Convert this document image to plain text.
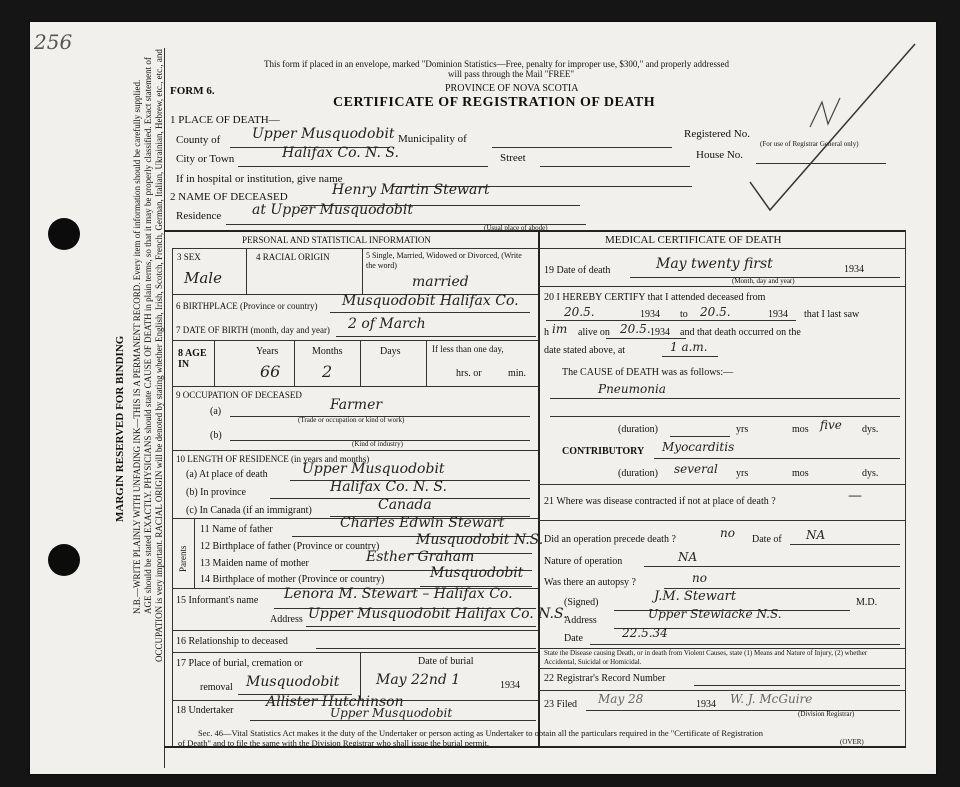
256
MARGIN RESERVED FOR BINDING N.B.—WRITE PLAINLY WITH UNFADING INK—THIS IS A PERMANENT RECORD. Every item of information should be carefully supplied. AGE should be stated EXACTLY. PHYSICIANS should state CAUSE OF DEATH in plain terms, so that it may be properly classified. Exact statement of OCCUPATION is very important. RACIAL ORIGIN will be denoted by stating whether English, Irish, Scotch, French, German, Italian, Ukrainian, Hebrew, etc., etc., and	This form if placed in an envelope, marked "Dominion Statistics—Free, penalty for improper use, $300," and properly addressed
will pass through the Mail "FREE"
PROVINCE OF NOVA SCOTIA
FORM 6.
CERTIFICATE OF REGISTRATION OF DEATH
1 PLACE OF DEATH—
County of Upper Musquodobit Municipality of	Registered No.
(For use of Registrar General only)
City or Town	Halifax Co. N. S.	Street	House No.
If in hospital or institution, give name
2 NAME OF DECEASED	Henry Martin Stewart
Residence at Upper Musquodobit
(Usual place of abode)
PERSONAL AND STATISTICAL INFORMATION
3 SEX
Male
4 RACIAL ORIGIN	5 Single, Married, Widowed or Divorced, (Write the word)
married
6 BIRTHPLACE (Province or country) Musquodobit Halifax Co.
7 DATE OF BIRTH (month, day and year) 2 of March
8 AGE IN
Years
66
Months
2
Days	If less than one day,
hrs. or	min.
9 OCCUPATION OF DECEASED
(a)	Farmer
(Trade or occupation or kind of work)
(b)
(Kind of industry)
10 LENGTH OF RESIDENCE (in years and months)
(a) At place of death Upper Musquodobit
(b) In province	Halifax Co. N. S.
(c) In Canada (if an immigrant)	Canada
Parents
11 Name of father	Charles Edwin Stewart
12 Birthplace of father (Province or country)	Musquodobit N.S.
13 Maiden name of mother	Esther Graham
14 Birthplace of mother (Province or country)	Musquodobit
15 Informant's name Lenora M. Stewart – Halifax Co.
Address Upper Musquodobit Halifax Co. N.S.
16 Relationship to deceased
17 Place of burial, cremation or
removal Musquodobit
Date of burial
May 22nd 1	1934
18 Undertaker
Allister Hutchinson
Upper Musquodobit
MEDICAL CERTIFICATE OF DEATH
19 Date of death	May twenty first	1934
(Month, day and year)
20 I HEREBY CERTIFY that I attended deceased from
20.5.	1934 to 20.5.	1934 that I last saw
h im alive on 20.5. 1934 and that death occurred on the
date stated above, at	1 a.m.
The CAUSE of DEATH was as follows:—
Pneumonia
(duration)	yrs	mos five dys.
CONTRIBUTORY Myocarditis
(duration) several yrs	mos	dys.
21 Where was disease contracted if not at place of death ?	—
Did an operation precede death ?	no Date of NA
Nature of operation	NA
Was there an autopsy ?	no
(Signed)	J.M. Stewart	M.D.
Address	Upper Stewiacke N.S.
Date	22.5.34
State the Disease causing Death, or in death from Violent Causes, state (1) Means and Nature of Injury, (2) whether Accidental, Suicidal or Homicidal.
22 Registrar's Record Number
23 Filed May 28	1934 W. J. McGuire
(Division Registrar)
Sec. 46—Vital Statistics Act makes it the duty of the Undertaker or person acting as Undertaker to obtain all the particulars required in the "Certificate of Registration
of Death" and to file the same with the Division Registrar who shall issue the burial permit.	(OVER)
